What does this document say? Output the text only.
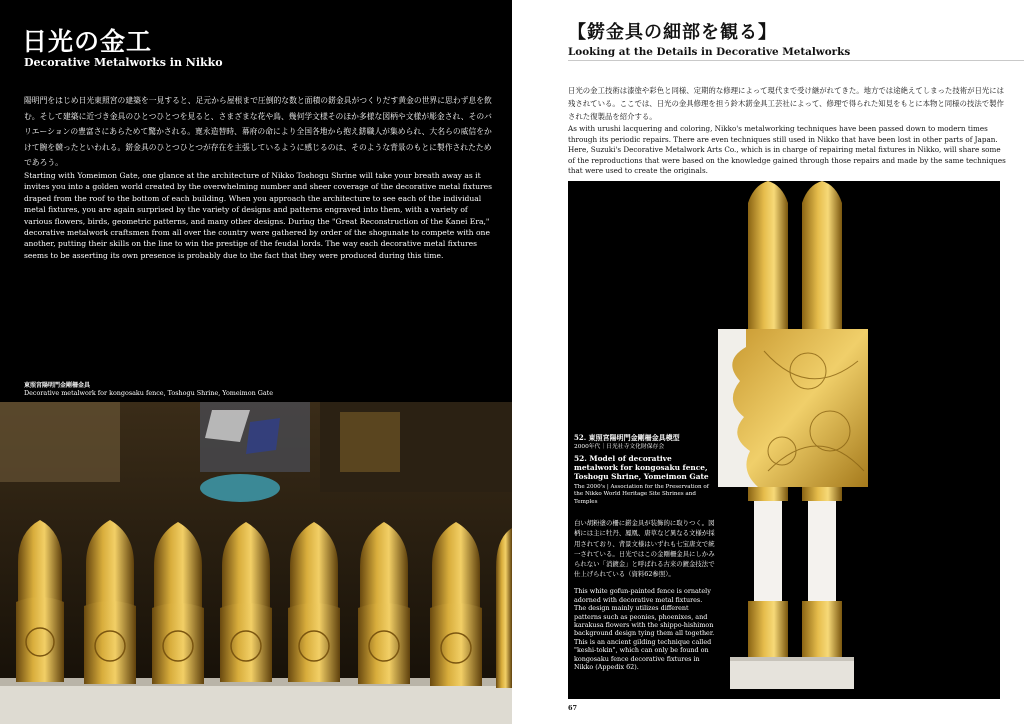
日光の金工
Decorative Metalworks in Nikko
陽明門をはじめ日光東照宮の建築を一見すると、足元から屋根まで圧倒的な数と面積の錺金具がつくりだす黄金の世界に思わず息を飲む。そして建築に近づき金具のひとつひとつを見ると、さまざまな花や鳥、幾何学文様そのほか多様な図柄や文様が彫金され、そのバリエーションの豊富さにあらためて驚かされる。寛永造替時、幕府の命により全国各地から抱え錺職人が集められ、大名らの威信をかけて腕を競ったといわれる。錺金具のひとつひとつが存在を主張しているように感じるのは、そのような背景のもとに製作されたためであろう。
Starting with Yomeimon Gate, one glance at the architecture of Nikko Toshogu Shrine will take your breath away as it invites you into a golden world created by the overwhelming number and sheer coverage of the decorative metal fixtures draped from the roof to the bottom of each building. When you approach the architecture to see each of the individual metal fixtures, you are again surprised by the variety of designs and patterns engraved into them, with a variety of various flowers, birds, geometric patterns, and many other designs. During the "Great Reconstruction of the Kanei Era," decorative metalwork craftsmen from all over the country were gathered by order of the shogunate to compete with one another, putting their skills on the line to win the prestige of the feudal lords. The way each decorative metal fixtures seems to be asserting its own presence is probably due to the fact that they were produced during this time.
東照宮陽明門金剛柵金具
Decorative metalwork for kongosaku fence, Toshogu Shrine, Yomeimon Gate
【錺金具の細部を観る】
Looking at the Details in Decorative Metalworks
日光の金工技術は漆塗や彩色と同様、定期的な修理によって現代まで受け継がれてきた。地方では途絶えてしまった技術が日光には残されている。ここでは、日光の金具修理を担う鈴木錺金具工芸社によって、修理で得られた知見をもとに本物と同様の技法で製作された復製品を紹介する。
As with urushi lacquering and coloring, Nikko's metalworking techniques have been passed down to modern times through its periodic repairs. There are even techniques still used in Nikko that have been lost in other parts of Japan. Here, Suzuki's Decorative Metalwork Arts Co., which is in charge of repairing metal fixtures in Nikko, will share some of the reproductions that were based on the knowledge gained through those repairs and made by the same techniques that were used to create the originals.
52. 東照宮陽明門金剛柵金具模型
2000年代｜日光社寺文化財保存会
52. Model of decorative metalwork for kongosaku fence, Toshogu Shrine, Yomeimon Gate
The 2000's | Association for the Preservation of the Nikko World Heritage Site Shrines and Temples
白い胡粉塗の柵に錺金具が装飾的に取りつく。図柄には主に牡丹、鳳凰、唐草など異なる文様が採用されており、背景文様はいずれも七宝唐文で統一されている。日光ではこの金剛柵金具にしかみられない「消鍍金」と呼ばれる古来の鍍金技法で仕上げられている（資料62参照）。
This white gofun-painted fence is ornately adorned with decorative metal fixtures. The design mainly utilizes different patterns such as peonies, phoenixes, and karakusa flowers with the shippo-hishimon background design tying them all together. This is an ancient gilding technique called "keshi-tokin", which can only be found on kongosaku fence decorative fixtures in Nikko (Appedix 62).
67
